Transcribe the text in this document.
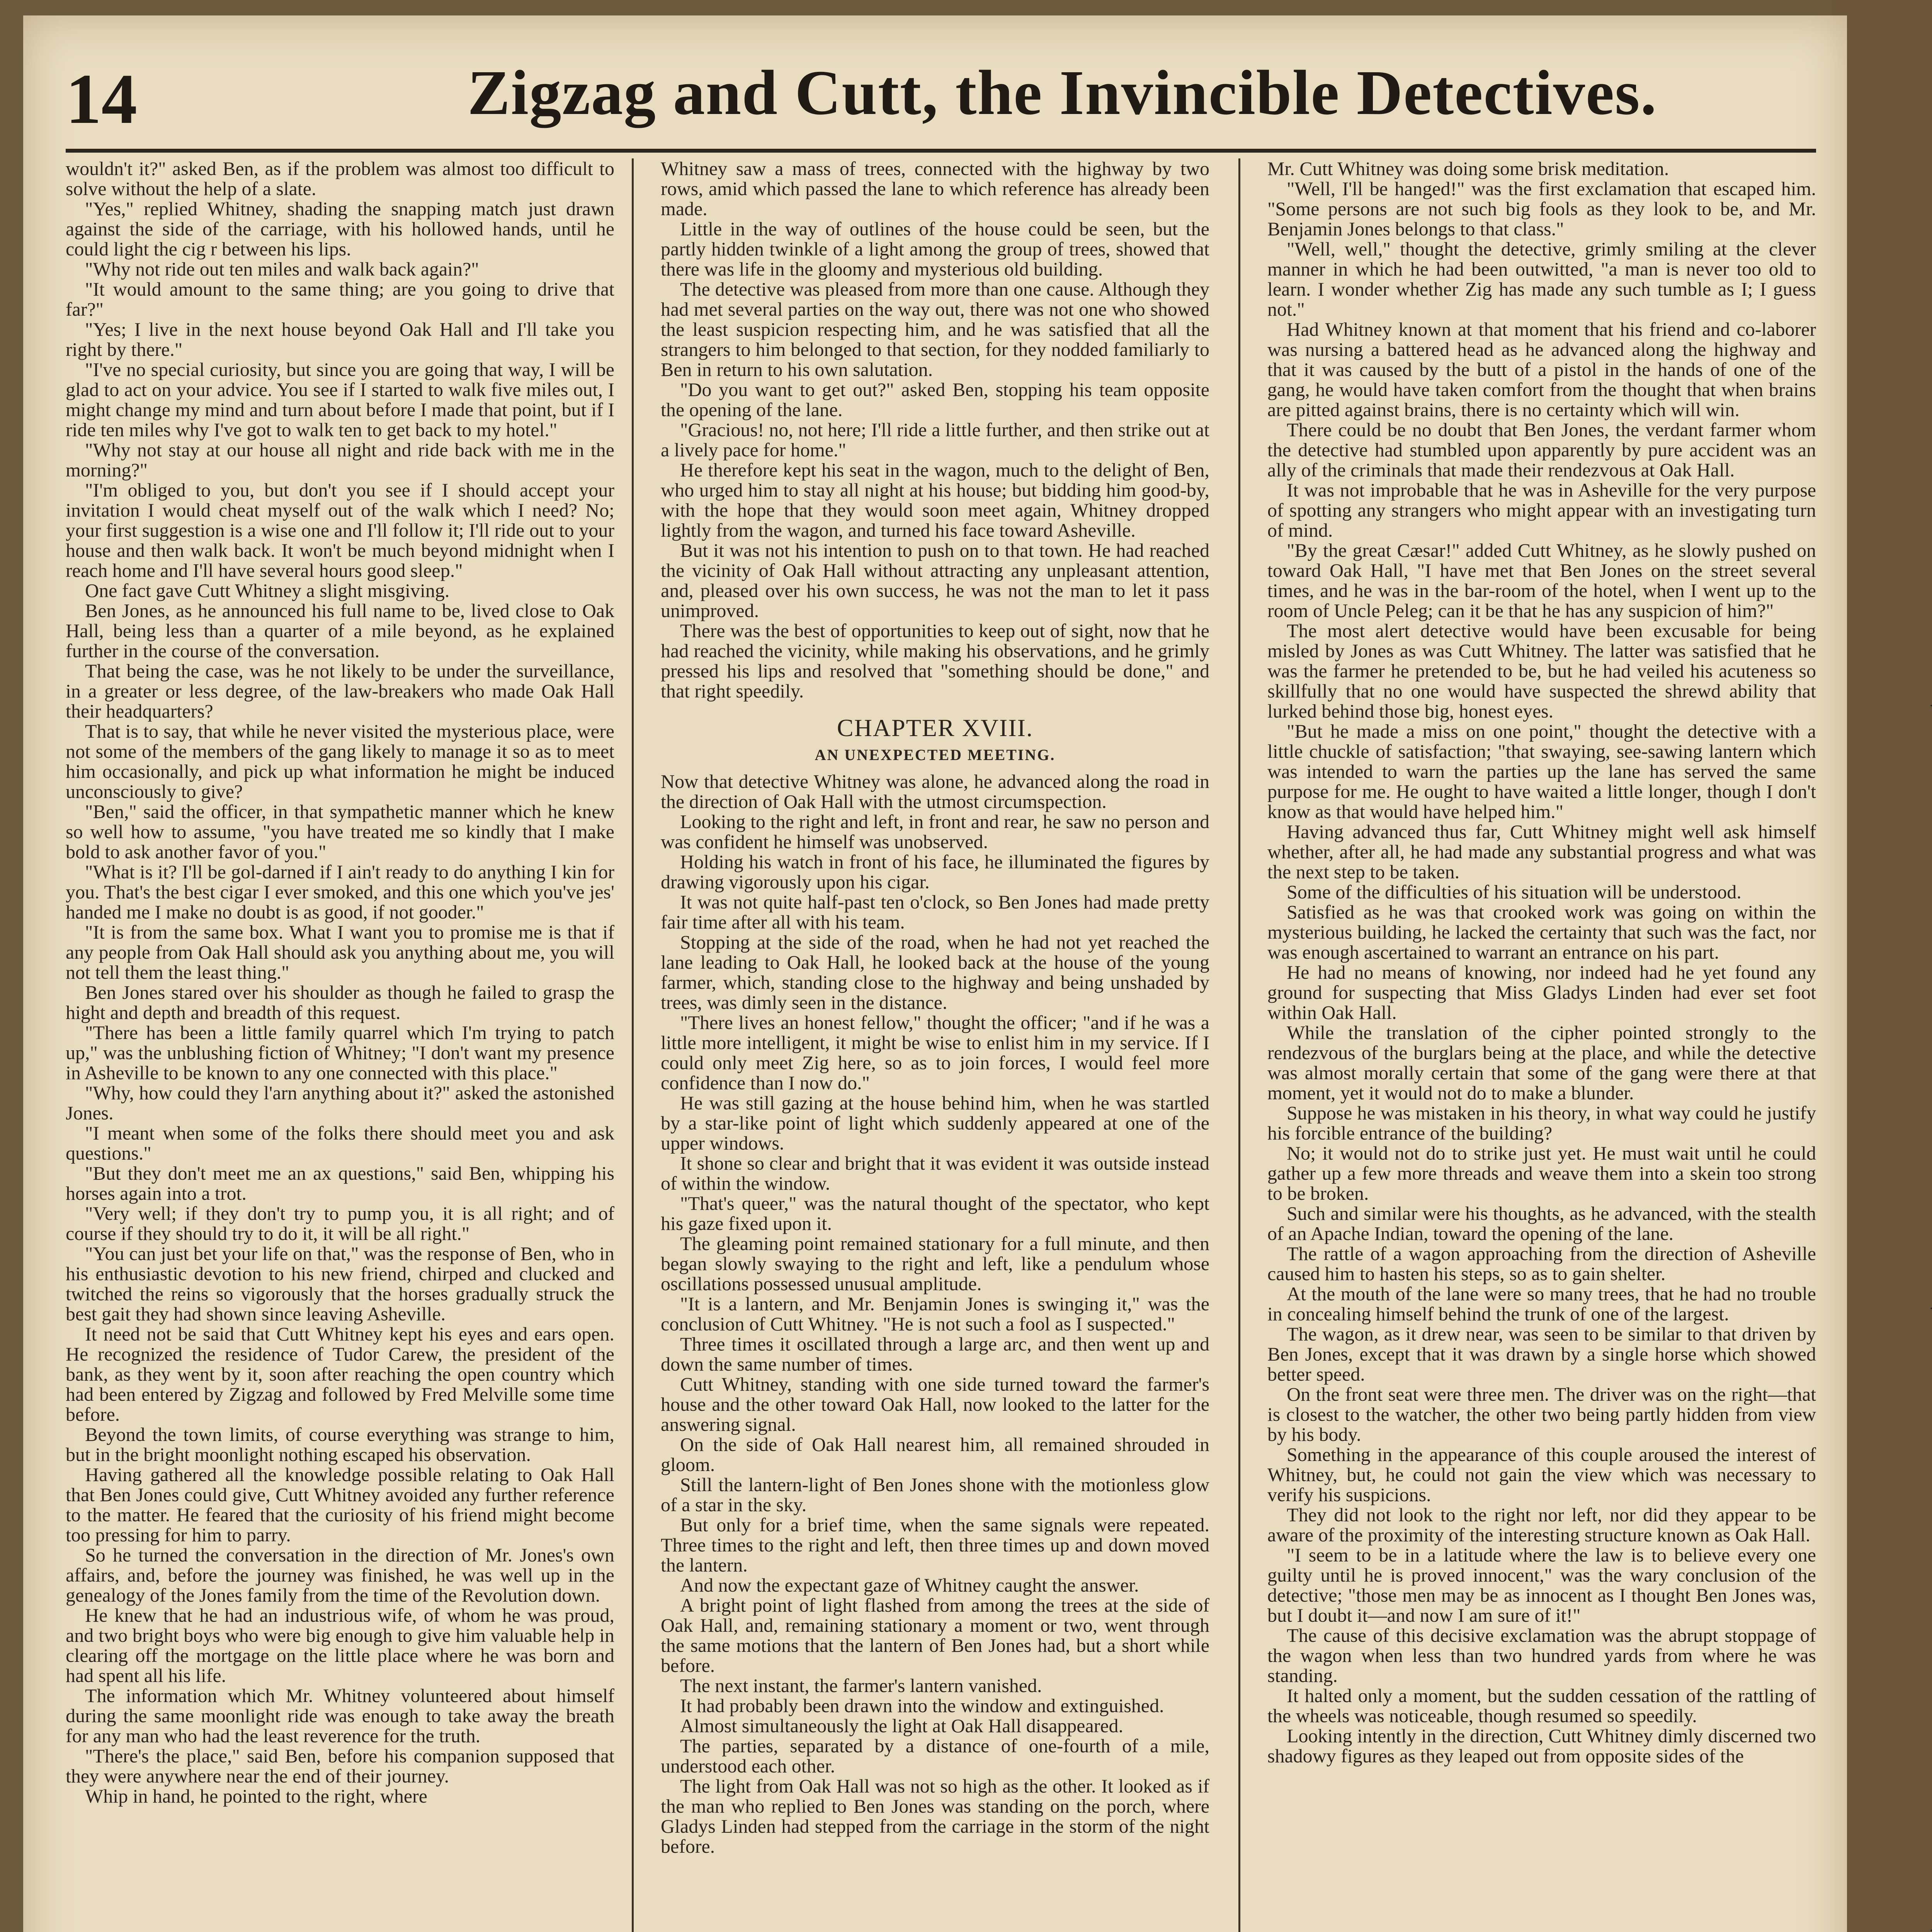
14	Zigzag and Cutt, the Invincible Detectives.

wouldn't it?" asked Ben, as if the problem was almost too difficult to solve without the help of a slate.

"Yes," replied Whitney, shading the snapping match just drawn against the side of the carriage, with his hollowed hands, until he could light the cig r between his lips.

"Why not ride out ten miles and walk back again?"

"It would amount to the same thing; are you going to drive that far?"

"Yes; I live in the next house beyond Oak Hall and I'll take you right by there."

"I've no special curiosity, but since you are going that way, I will be glad to act on your advice. You see if I started to walk five miles out, I might change my mind and turn about before I made that point, but if I ride ten miles why I've got to walk ten to get back to my hotel."

"Why not stay at our house all night and ride back with me in the morning?"

"I'm obliged to you, but don't you see if I should accept your invitation I would cheat myself out of the walk which I need? No; your first suggestion is a wise one and I'll follow it; I'll ride out to your house and then walk back. It won't be much beyond midnight when I reach home and I'll have several hours good sleep."

One fact gave Cutt Whitney a slight misgiving.

Ben Jones, as he announced his full name to be, lived close to Oak Hall, being less than a quarter of a mile beyond, as he explained further in the course of the conversation.

That being the case, was he not likely to be under the surveillance, in a greater or less degree, of the law-breakers who made Oak Hall their headquarters?

That is to say, that while he never visited the mysterious place, were not some of the members of the gang likely to manage it so as to meet him occasionally, and pick up what information he might be induced unconsciously to give?

"Ben," said the officer, in that sympathetic manner which he knew so well how to assume, "you have treated me so kindly that I make bold to ask another favor of you."

"What is it? I'll be gol-darned if I ain't ready to do anything I kin for you. That's the best cigar I ever smoked, and this one which you've jes' handed me I make no doubt is as good, if not gooder."

"It is from the same box. What I want you to promise me is that if any people from Oak Hall should ask you anything about me, you will not tell them the least thing."

Ben Jones stared over his shoulder as though he failed to grasp the hight and depth and breadth of this request.

"There has been a little family quarrel which I'm trying to patch up," was the unblushing fiction of Whitney; "I don't want my presence in Asheville to be known to any one connected with this place."

"Why, how could they l'arn anything about it?" asked the astonished Jones.

"I meant when some of the folks there should meet you and ask questions."

"But they don't meet me an ax questions," said Ben, whipping his horses again into a trot.

"Very well; if they don't try to pump you, it is all right; and of course if they should try to do it, it will be all right."

"You can just bet your life on that," was the response of Ben, who in his enthusiastic devotion to his new friend, chirped and clucked and twitched the reins so vigorously that the horses gradually struck the best gait they had shown since leaving Asheville.

It need not be said that Cutt Whitney kept his eyes and ears open. He recognized the residence of Tudor Carew, the president of the bank, as they went by it, soon after reaching the open country which had been entered by Zigzag and followed by Fred Melville some time before.

Beyond the town limits, of course everything was strange to him, but in the bright moonlight nothing escaped his observation.

Having gathered all the knowledge possible relating to Oak Hall that Ben Jones could give, Cutt Whitney avoided any further reference to the matter. He feared that the curiosity of his friend might become too pressing for him to parry.

So he turned the conversation in the direction of Mr. Jones's own affairs, and, before the journey was finished, he was well up in the genealogy of the Jones family from the time of the Revolution down.

He knew that he had an industrious wife, of whom he was proud, and two bright boys who were big enough to give him valuable help in clearing off the mortgage on the little place where he was born and had spent all his life.

The information which Mr. Whitney volunteered about himself during the same moonlight ride was enough to take away the breath for any man who had the least reverence for the truth.

"There's the place," said Ben, before his companion supposed that they were anywhere near the end of their journey.

Whip in hand, he pointed to the right, where

Whitney saw a mass of trees, connected with the highway by two rows, amid which passed the lane to which reference has already been made.

Little in the way of outlines of the house could be seen, but the partly hidden twinkle of a light among the group of trees, showed that there was life in the gloomy and mysterious old building.

The detective was pleased from more than one cause. Although they had met several parties on the way out, there was not one who showed the least suspicion respecting him, and he was satisfied that all the strangers to him belonged to that section, for they nodded familiarly to Ben in return to his own salutation.

"Do you want to get out?" asked Ben, stopping his team opposite the opening of the lane.

"Gracious! no, not here; I'll ride a little further, and then strike out at a lively pace for home."

He therefore kept his seat in the wagon, much to the delight of Ben, who urged him to stay all night at his house; but bidding him good-by, with the hope that they would soon meet again, Whitney dropped lightly from the wagon, and turned his face toward Asheville.

But it was not his intention to push on to that town. He had reached the vicinity of Oak Hall without attracting any unpleasant attention, and, pleased over his own success, he was not the man to let it pass unimproved.

There was the best of opportunities to keep out of sight, now that he had reached the vicinity, while making his observations, and he grimly pressed his lips and resolved that "something should be done," and that right speedily.

CHAPTER XVIII.
AN UNEXPECTED MEETING.

Now that detective Whitney was alone, he advanced along the road in the direction of Oak Hall with the utmost circumspection.

Looking to the right and left, in front and rear, he saw no person and was confident he himself was unobserved.

Holding his watch in front of his face, he illuminated the figures by drawing vigorously upon his cigar.

It was not quite half-past ten o'clock, so Ben Jones had made pretty fair time after all with his team.

Stopping at the side of the road, when he had not yet reached the lane leading to Oak Hall, he looked back at the house of the young farmer, which, standing close to the highway and being unshaded by trees, was dimly seen in the distance.

"There lives an honest fellow," thought the officer; "and if he was a little more intelligent, it might be wise to enlist him in my service. If I could only meet Zig here, so as to join forces, I would feel more confidence than I now do."

He was still gazing at the house behind him, when he was startled by a star-like point of light which suddenly appeared at one of the upper windows.

It shone so clear and bright that it was evident it was outside instead of within the window.

"That's queer," was the natural thought of the spectator, who kept his gaze fixed upon it.

The gleaming point remained stationary for a full minute, and then began slowly swaying to the right and left, like a pendulum whose oscillations possessed unusual amplitude.

"It is a lantern, and Mr. Benjamin Jones is swinging it," was the conclusion of Cutt Whitney. "He is not such a fool as I suspected."

Three times it oscillated through a large arc, and then went up and down the same number of times.

Cutt Whitney, standing with one side turned toward the farmer's house and the other toward Oak Hall, now looked to the latter for the answering signal.

On the side of Oak Hall nearest him, all remained shrouded in gloom.

Still the lantern-light of Ben Jones shone with the motionless glow of a star in the sky.

But only for a brief time, when the same signals were repeated. Three times to the right and left, then three times up and down moved the lantern.

And now the expectant gaze of Whitney caught the answer.

A bright point of light flashed from among the trees at the side of Oak Hall, and, remaining stationary a moment or two, went through the same motions that the lantern of Ben Jones had, but a short while before.

The next instant, the farmer's lantern vanished.

It had probably been drawn into the window and extinguished.

Almost simultaneously the light at Oak Hall disappeared.

The parties, separated by a distance of one-fourth of a mile, understood each other.

The light from Oak Hall was not so high as the other. It looked as if the man who replied to Ben Jones was standing on the porch, where Gladys Linden had stepped from the carriage in the storm of the night before.

Mr. Cutt Whitney was doing some brisk meditation.

"Well, I'll be hanged!" was the first exclamation that escaped him. "Some persons are not such big fools as they look to be, and Mr. Benjamin Jones belongs to that class."

"Well, well," thought the detective, grimly smiling at the clever manner in which he had been outwitted, "a man is never too old to learn. I wonder whether Zig has made any such tumble as I; I guess not."

Had Whitney known at that moment that his friend and co-laborer was nursing a battered head as he advanced along the highway and that it was caused by the butt of a pistol in the hands of one of the gang, he would have taken comfort from the thought that when brains are pitted against brains, there is no certainty which will win.

There could be no doubt that Ben Jones, the verdant farmer whom the detective had stumbled upon apparently by pure accident was an ally of the criminals that made their rendezvous at Oak Hall.

It was not improbable that he was in Asheville for the very purpose of spotting any strangers who might appear with an investigating turn of mind.

"By the great Cæsar!" added Cutt Whitney, as he slowly pushed on toward Oak Hall, "I have met that Ben Jones on the street several times, and he was in the bar-room of the hotel, when I went up to the room of Uncle Peleg; can it be that he has any suspicion of him?"

The most alert detective would have been excusable for being misled by Jones as was Cutt Whitney. The latter was satisfied that he was the farmer he pretended to be, but he had veiled his acuteness so skillfully that no one would have suspected the shrewd ability that lurked behind those big, honest eyes.

"But he made a miss on one point," thought the detective with a little chuckle of satisfaction; "that swaying, see-sawing lantern which was intended to warn the parties up the lane has served the same purpose for me. He ought to have waited a little longer, though I don't know as that would have helped him."

Having advanced thus far, Cutt Whitney might well ask himself whether, after all, he had made any substantial progress and what was the next step to be taken.

Some of the difficulties of his situation will be understood.

Satisfied as he was that crooked work was going on within the mysterious building, he lacked the certainty that such was the fact, nor was enough ascertained to warrant an entrance on his part.

He had no means of knowing, nor indeed had he yet found any ground for suspecting that Miss Gladys Linden had ever set foot within Oak Hall.

While the translation of the cipher pointed strongly to the rendezvous of the burglars being at the place, and while the detective was almost morally certain that some of the gang were there at that moment, yet it would not do to make a blunder.

Suppose he was mistaken in his theory, in what way could he justify his forcible entrance of the building?

No; it would not do to strike just yet. He must wait until he could gather up a few more threads and weave them into a skein too strong to be broken.

Such and similar were his thoughts, as he advanced, with the stealth of an Apache Indian, toward the opening of the lane.

The rattle of a wagon approaching from the direction of Asheville caused him to hasten his steps, so as to gain shelter.

At the mouth of the lane were so many trees, that he had no trouble in concealing himself behind the trunk of one of the largest.

The wagon, as it drew near, was seen to be similar to that driven by Ben Jones, except that it was drawn by a single horse which showed better speed.

On the front seat were three men. The driver was on the right—that is closest to the watcher, the other two being partly hidden from view by his body.

Something in the appearance of this couple aroused the interest of Whitney, but, he could not gain the view which was necessary to verify his suspicions.

They did not look to the right nor left, nor did they appear to be aware of the proximity of the interesting structure known as Oak Hall.

"I seem to be in a latitude where the law is to believe every one guilty until he is proved innocent," was the wary conclusion of the detective; "those men may be as innocent as I thought Ben Jones was, but I doubt it—and now I am sure of it!"

The cause of this decisive exclamation was the abrupt stoppage of the wagon when less than two hundred yards from where he was standing.

It halted only a moment, but the sudden cessation of the rattling of the wheels was noticeable, though resumed so speedily.

Looking intently in the direction, Cutt Whitney dimly discerned two shadowy figures as they leaped out from opposite sides of the
